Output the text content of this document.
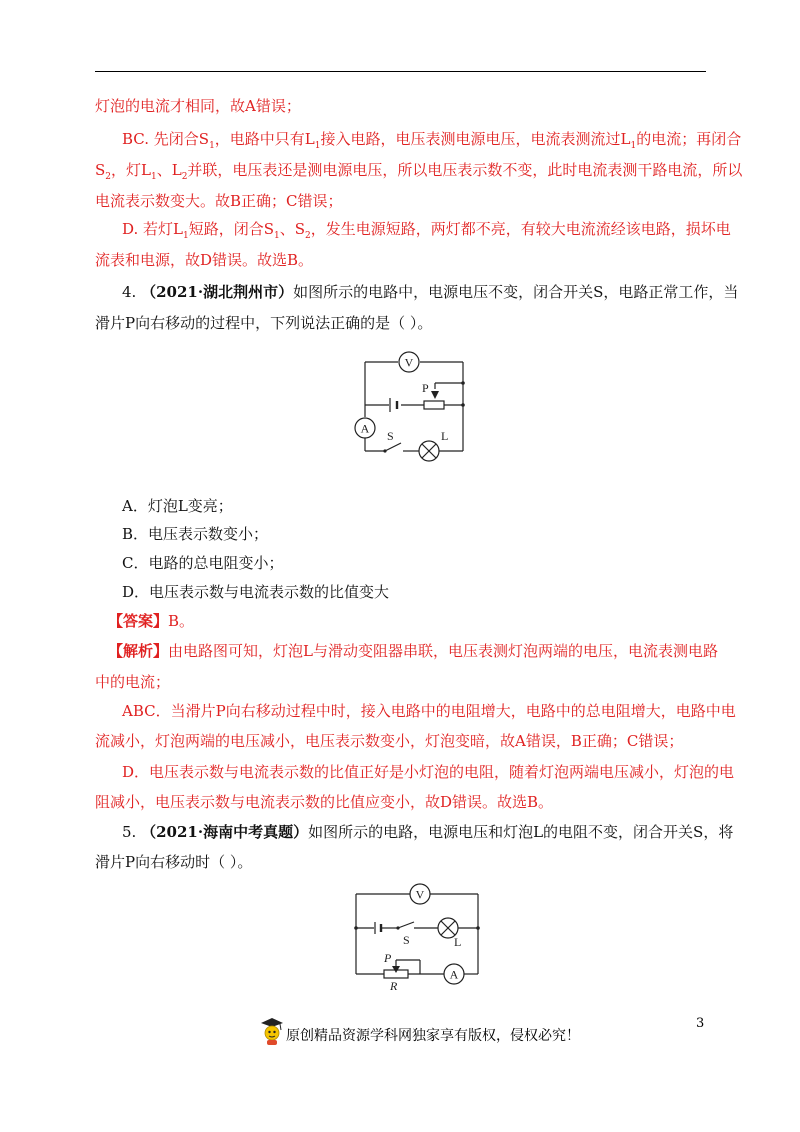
灯泡的电流才相同，故A错误；
BC. 先闭合$S_1$，电路中只有$L_1$接入电路，电压表测电源电压，电流表测流过$L_1$的电流；再闭合
$S_2$，灯$L_1$、$L_2$并联，电压表还是测电源电压，所以电压表示数不变，此时电流表测干路电流，所以
电流表示数变大。故B正确；C错误；
D. 若灯$L_1$短路，闭合$S_1$、$S_2$，发生电源短路，两灯都不亮，有较大电流流经该电路，损坏电
流表和电源，故D错误。故选B。
4. （2021·湖北荆州市）如图所示的电路中，电源电压不变，闭合开关S，电路正常工作，当
滑片P向右移动的过程中，下列说法正确的是（ ）。
P
V
A
S	L
A．灯泡L变亮；
B．电压表示数变小；
C．电路的总电阻变小；
D．电压表示数与电流表示数的比值变大
【答案】B。
【解析】由电路图可知，灯泡L与滑动变阻器串联，电压表测灯泡两端的电压，电流表测电路
中的电流；
ABC．当滑片P向右移动过程中时，接入电路中的电阻增大，电路中的总电阻增大，电路中电
流减小，灯泡两端的电压减小，电压表示数变小，灯泡变暗，故A错误，B正确；C错误；
D．电压表示数与电流表示数的比值正好是小灯泡的电阻，随着灯泡两端电压减小，灯泡的电
阻减小，电压表示数与电流表示数的比值应变小，故D错误。故选B。
5. （2021·海南中考真题）如图所示的电路，电源电压和灯泡L的电阻不变，闭合开关S，将
滑片P向右移动时（ ）。
S	L
V
P
R
A
3
原创精品资源学科网独家享有版权，侵权必究！
